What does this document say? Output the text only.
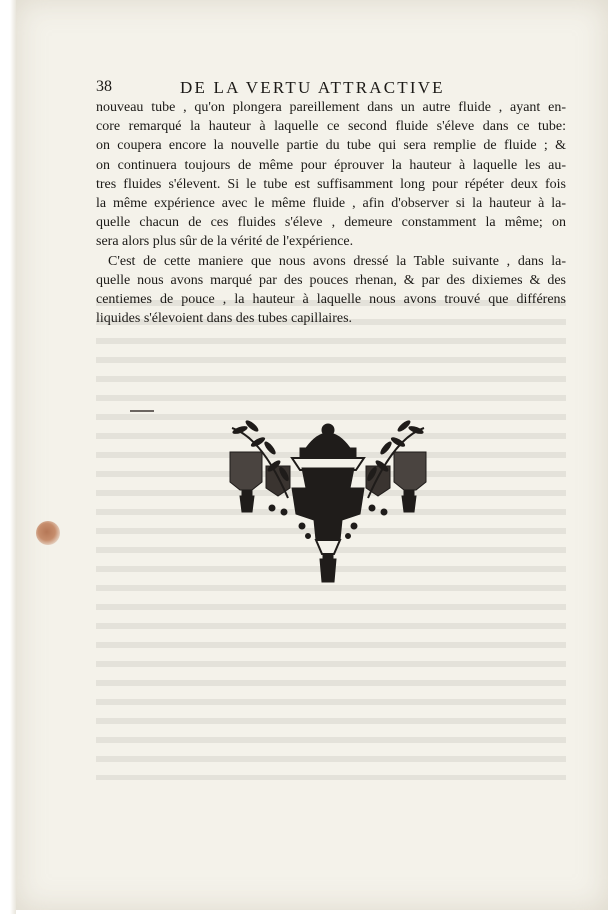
38	DE LA VERTU ATTRACTIVE
nouveau tube , qu'on plongera pareillement dans un autre fluide , ayant en-
core remarqué la hauteur à laquelle ce second fluide s'éleve dans ce tube:
on coupera encore la nouvelle partie du tube qui sera remplie de fluide ; &
on continuera toujours de même pour éprouver la hauteur à laquelle les au-
tres fluides s'élevent. Si le tube est suffisamment long pour répéter deux fois
la même expérience avec le même fluide , afin d'observer si la hauteur à la-
quelle chacun de ces fluides s'éleve , demeure constamment la même; on
sera alors plus sûr de la vérité de l'expérience.
C'est de cette maniere que nous avons dressé la Table suivante , dans la-
quelle nous avons marqué par des pouces rhenan, & par des dixiemes & des
centiemes de pouce , la hauteur à laquelle nous avons trouvé que différens
liquides s'élevoient dans des tubes capillaires.
